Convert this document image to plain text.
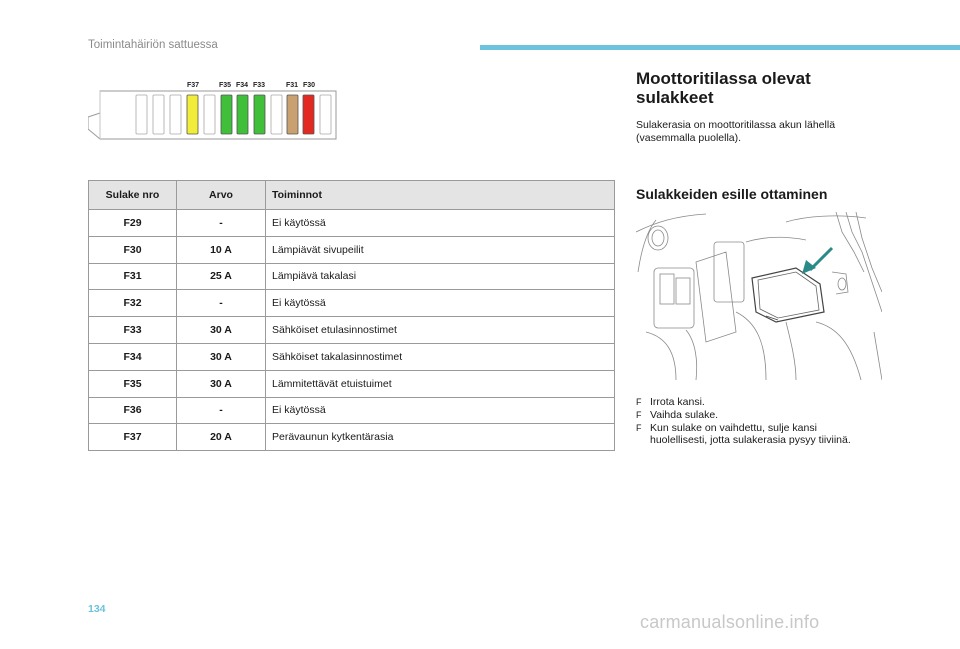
Toimintahäiriön sattuessa
F37	F35 F34 F33	F31 F30
Sulake nro	Arvo	Toiminnot
F29	-	Ei käytössä
F30	10 A	Lämpiävät sivupeilit
F31	25 A	Lämpiävä takalasi
F32	-	Ei käytössä
F33	30 A	Sähköiset etulasinnostimet
F34	30 A	Sähköiset takalasinnostimet
F35	30 A	Lämmitettävät etuistuimet
F36	-	Ei käytössä
F37	20 A	Perävaunun kytkentärasia
Moottoritilassa olevat
sulakkeet
Sulakerasia on moottoritilassa akun lähellä
(vasemmalla puolella).
Sulakkeiden esille ottaminen
F Irrota kansi.
F Vaihda sulake.
F Kun sulake on vaihdettu, sulje kansi
huolellisesti, jotta sulakerasia pysyy tiiviinä.
134
carmanualsonline.info
